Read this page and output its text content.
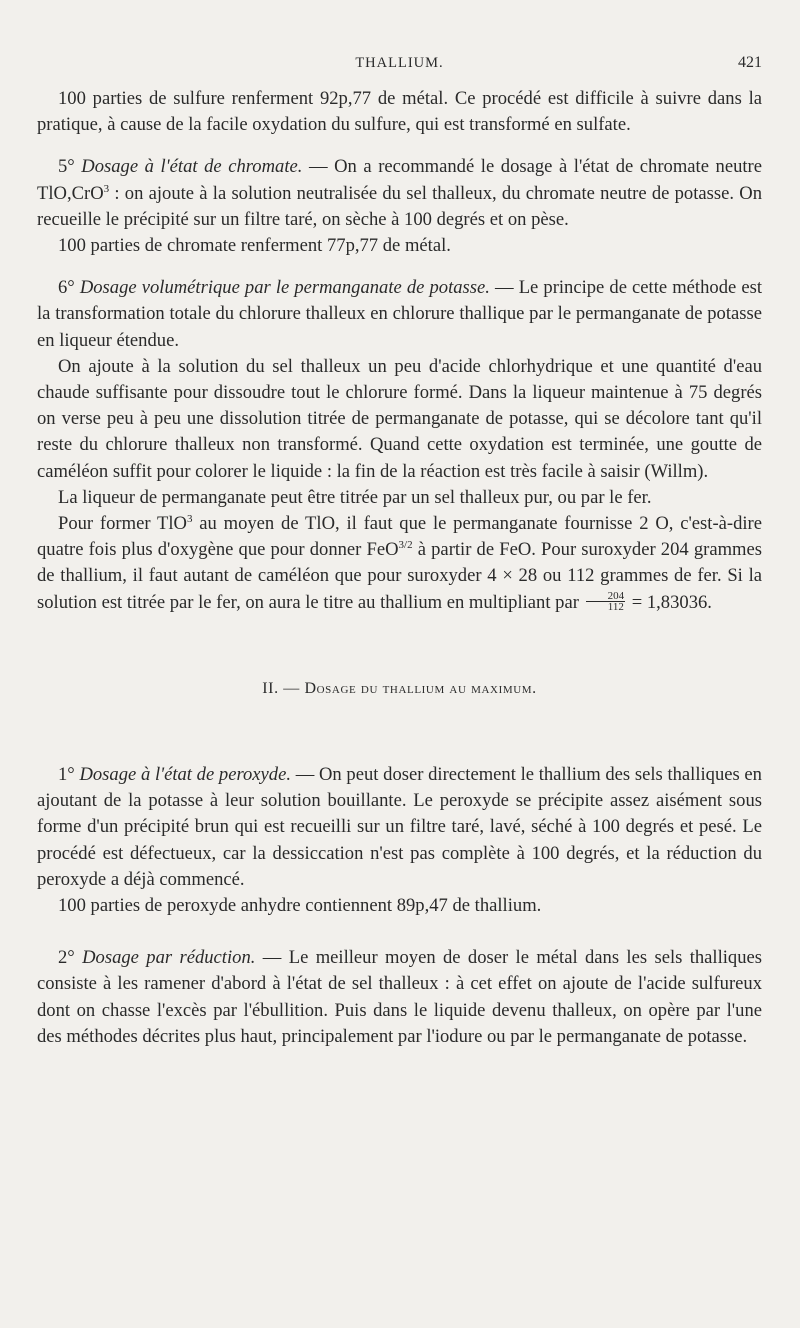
THALLIUM.	421

100 parties de sulfure renferment 92p,77 de métal. Ce procédé est difficile à suivre dans la pratique, à cause de la facile oxydation du sulfure, qui est transformé en sulfate.

5° Dosage à l'état de chromate. — On a recommandé le dosage à l'état de chromate neutre TlO,CrO$^3$ : on ajoute à la solution neutralisée du sel thalleux, du chromate neutre de potasse. On recueille le précipité sur un filtre taré, on sèche à 100 degrés et on pèse.

100 parties de chromate renferment 77p,77 de métal.

6° Dosage volumétrique par le permanganate de potasse. — Le principe de cette méthode est la transformation totale du chlorure thalleux en chlorure thallique par le permanganate de potasse en liqueur étendue.

On ajoute à la solution du sel thalleux un peu d'acide chlorhydrique et une quantité d'eau chaude suffisante pour dissoudre tout le chlorure formé. Dans la liqueur maintenue à 75 degrés on verse peu à peu une dissolution titrée de permanganate de potasse, qui se décolore tant qu'il reste du chlorure thalleux non transformé. Quand cette oxydation est terminée, une goutte de caméléon suffit pour colorer le liquide : la fin de la réaction est très facile à saisir (Willm).

La liqueur de permanganate peut être titrée par un sel thalleux pur, ou par le fer.

Pour former TlO$^3$ au moyen de TlO, il faut que le permanganate fournisse 2 O, c'est-à-dire quatre fois plus d'oxygène que pour donner FeO$^{3/2}$ à partir de FeO. Pour suroxyder 204 grammes de thallium, il faut autant de caméléon que pour suroxyder 4 × 28 ou 112 grammes de fer. Si la solution est titrée par le fer, on aura le titre au thallium en multipliant par $\frac{204}{112} = 1,83036$.

II. — Dosage du thallium au maximum.

1° Dosage à l'état de peroxyde. — On peut doser directement le thallium des sels thalliques en ajoutant de la potasse à leur solution bouillante. Le peroxyde se précipite assez aisément sous forme d'un précipité brun qui est recueilli sur un filtre taré, lavé, séché à 100 degrés et pesé. Le procédé est défectueux, car la dessiccation n'est pas complète à 100 degrés, et la réduction du peroxyde a déjà commencé.

100 parties de peroxyde anhydre contiennent 89p,47 de thallium.

2° Dosage par réduction. — Le meilleur moyen de doser le métal dans les sels thalliques consiste à les ramener d'abord à l'état de sel thalleux : à cet effet on ajoute de l'acide sulfureux dont on chasse l'excès par l'ébullition. Puis dans le liquide devenu thalleux, on opère par l'une des méthodes décrites plus haut, principalement par l'iodure ou par le permanganate de potasse.
